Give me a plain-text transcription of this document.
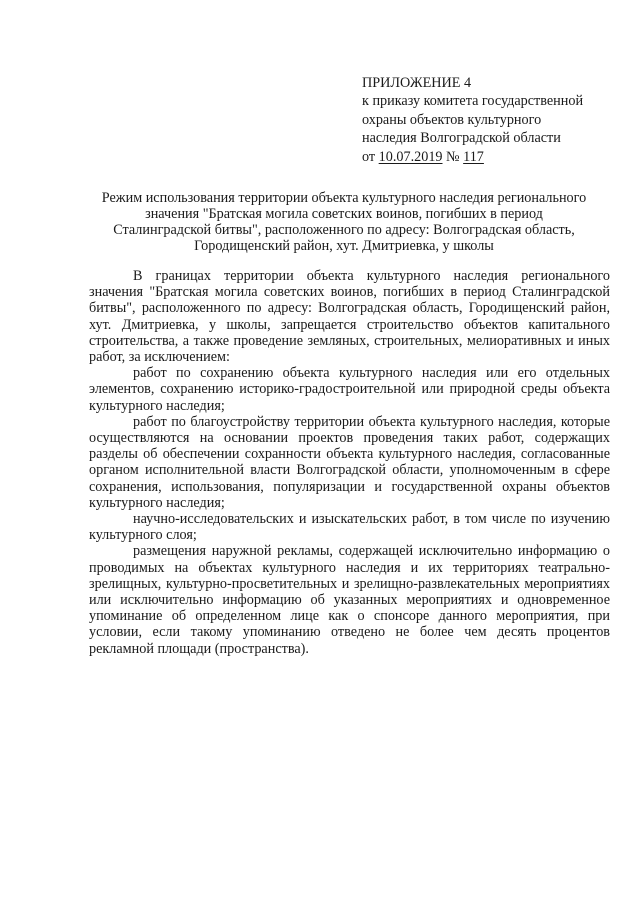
ПРИЛОЖЕНИЕ 4
к приказу комитета государственной
охраны объектов культурного
наследия Волгоградской области
от 10.07.2019 № 117
Режим использования территории объекта культурного наследия регионального
значения "Братская могила советских воинов, погибших в период
Сталинградской битвы", расположенного по адресу: Волгоградская область,
Городищенский район, хут. Дмитриевка, у школы

В границах территории объекта культурного наследия регионального значения "Братская могила советских воинов, погибших в период Сталинградской битвы", расположенного по адресу: Волгоградская область, Городищенский район, хут. Дмитриевка, у школы, запрещается строительство объектов капитального строительства, а также проведение земляных, строительных, мелиоративных и иных работ, за исключением:

работ по сохранению объекта культурного наследия или его отдельных элементов, сохранению историко-градостроительной или природной среды объекта культурного наследия;

работ по благоустройству территории объекта культурного наследия, которые осуществляются на основании проектов проведения таких работ, содержащих разделы об обеспечении сохранности объекта культурного наследия, согласованные органом исполнительной власти Волгоградской области, уполномоченным в сфере сохранения, использования, популяризации и государственной охраны объектов культурного наследия;

научно-исследовательских и изыскательских работ, в том числе по изучению культурного слоя;

размещения наружной рекламы, содержащей исключительно информацию о проводимых на объектах культурного наследия и их территориях театрально-зрелищных, культурно-просветительных и зрелищно-развлекательных мероприятиях или исключительно информацию об указанных мероприятиях и одновременное упоминание об определенном лице как о спонсоре данного мероприятия, при условии, если такому упоминанию отведено не более чем десять процентов рекламной площади (пространства).
